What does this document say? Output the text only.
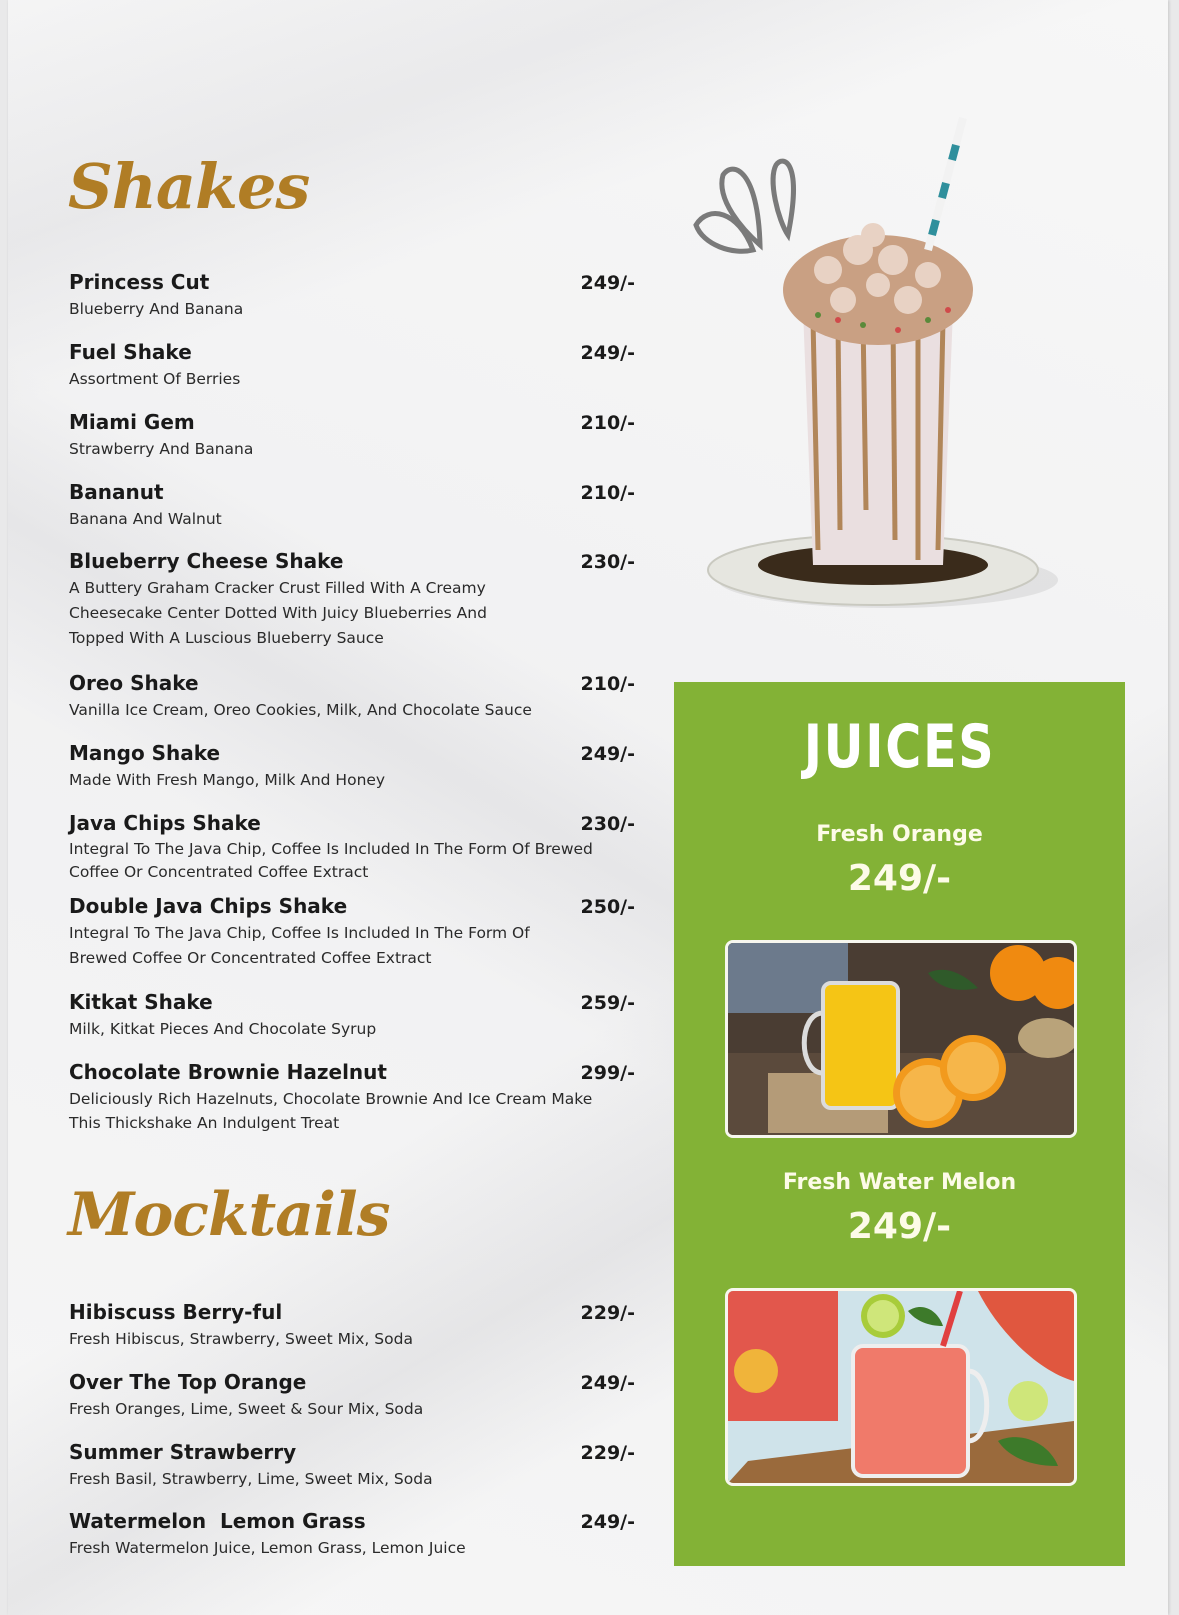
Shakes
Princess Cut	249/-
Blueberry And Banana
Fuel Shake	249/-
Assortment Of Berries
Miami Gem	210/-
Strawberry And Banana
Bananut	210/-
Banana And Walnut
Blueberry Cheese Shake	230/-
A Buttery Graham Cracker Crust Filled With A Creamy Cheesecake Center Dotted With Juicy Blueberries And Topped With A Luscious Blueberry Sauce
Oreo Shake	210/-
Vanilla Ice Cream, Oreo Cookies, Milk, And Chocolate Sauce
Mango Shake	249/-
Made With Fresh Mango, Milk And Honey
Java Chips Shake	230/-
Integral To The Java Chip, Coffee Is Included In The Form Of Brewed Coffee Or Concentrated Coffee Extract
Double Java Chips Shake	250/-
Integral To The Java Chip, Coffee Is Included In The Form Of Brewed Coffee Or Concentrated Coffee Extract
Kitkat Shake	259/-
Milk, Kitkat Pieces And Chocolate Syrup
Chocolate Brownie Hazelnut	299/-
Deliciously Rich Hazelnuts, Chocolate Brownie And Ice Cream Make This Thickshake An Indulgent Treat
Mocktails
Hibiscuss Berry-ful	229/-
Fresh Hibiscus, Strawberry, Sweet Mix, Soda
Over The Top Orange	249/-
Fresh Oranges, Lime, Sweet & Sour Mix, Soda
Summer Strawberry	229/-
Fresh Basil, Strawberry, Lime, Sweet Mix, Soda
Watermelon  Lemon Grass	249/-
Fresh Watermelon Juice, Lemon Grass, Lemon Juice
JUICES
Fresh Orange
249/-
Fresh Water Melon
249/-
